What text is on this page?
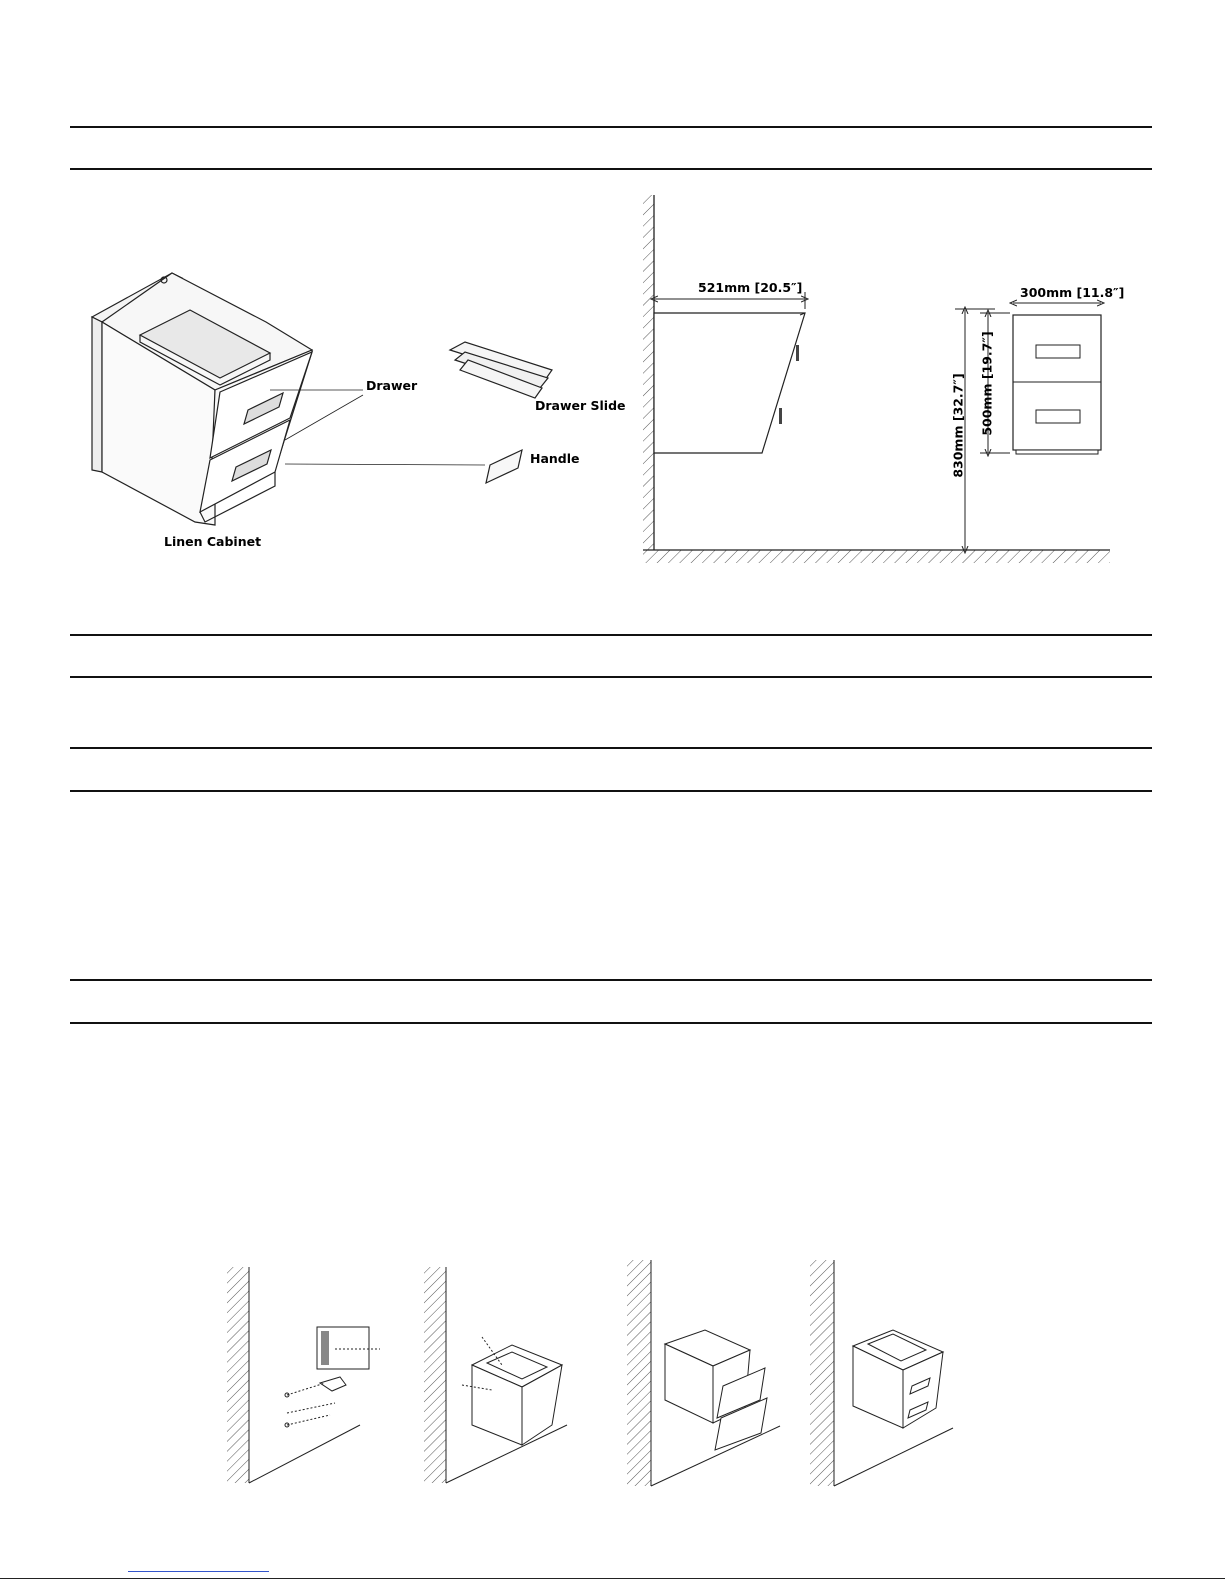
Drawer
Drawer Slide
Handle
Linen Cabinet
521mm [20.5″]	300mm [11.8″]
500mm [19.7″]
830mm [32.7″]
